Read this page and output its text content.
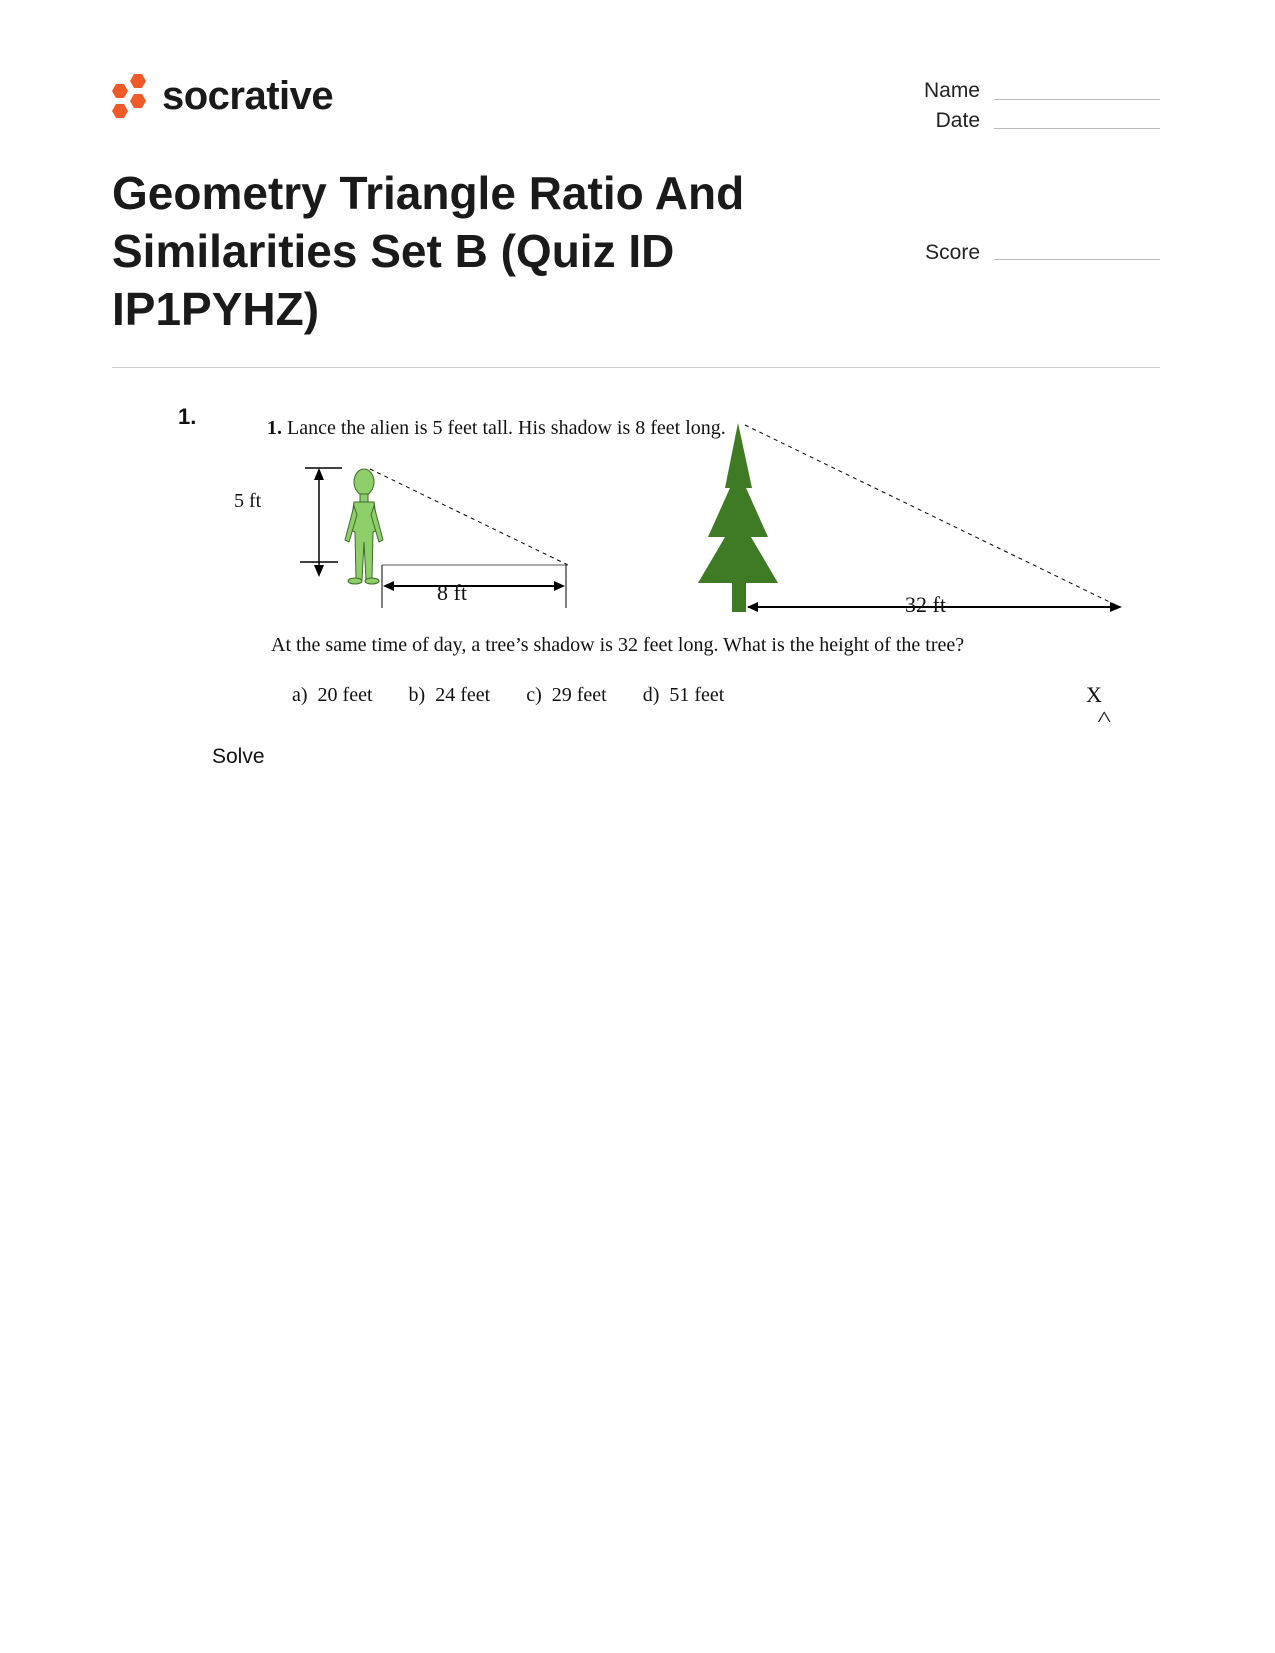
socrative	Name
Date
Score
Geometry Triangle Ratio And Similarities Set B (Quiz ID IP1PYHZ)
1.	1. Lance the alien is 5 feet tall. His shadow is 8 feet long.
5 ft
8 ft	32 ft
At the same time of day, a tree’s shadow is 32 feet long. What is the height of the tree?
a) 20 feet b) 24 feet c) 29 feet d) 51 feet	X
^
Solve
